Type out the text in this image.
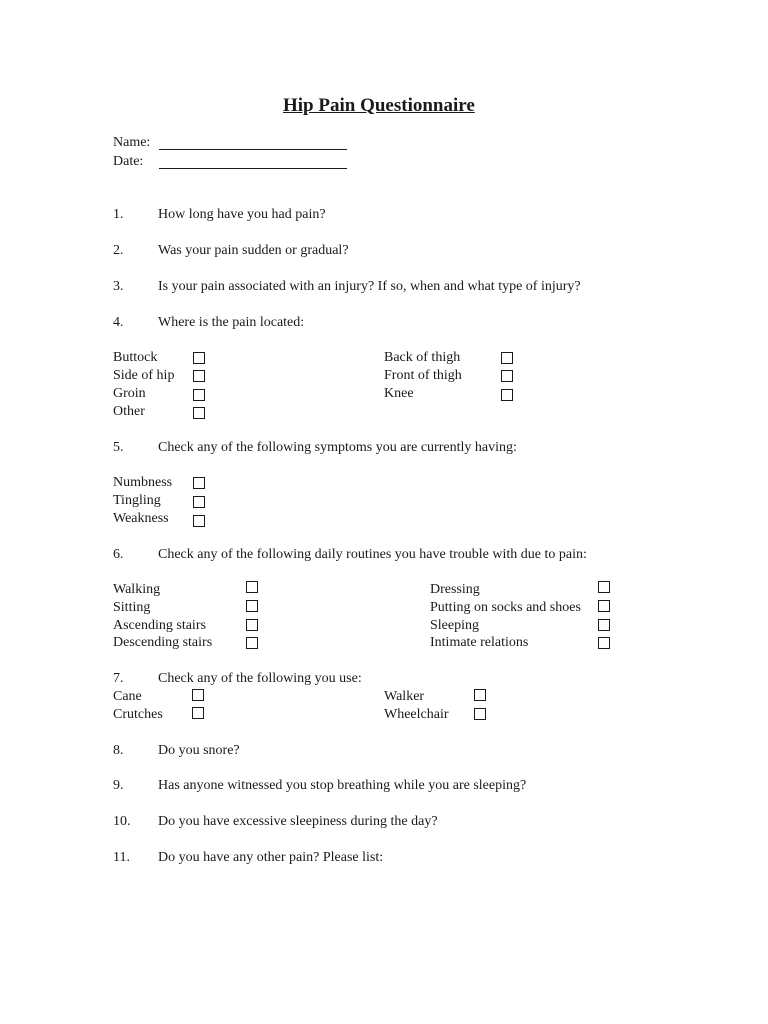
Hip Pain Questionnaire
Name:
Date:
1. How long have you had pain?
2. Was your pain sudden or gradual?
3. Is your pain associated with an injury? If so, when and what type of injury?
4. Where is the pain located:
Buttock
Side of hip
Groin
Other
Back of thigh
Front of thigh
Knee
5. Check any of the following symptoms you are currently having:
Numbness
Tingling
Weakness
6. Check any of the following daily routines you have trouble with due to pain:
Walking
Sitting
Ascending stairs
Descending stairs
Dressing
Putting on socks and shoes
Sleeping
Intimate relations
7. Check any of the following you use:
Cane
Crutches
Walker
Wheelchair
8. Do you snore?
9. Has anyone witnessed you stop breathing while you are sleeping?
10. Do you have excessive sleepiness during the day?
11. Do you have any other pain? Please list:
